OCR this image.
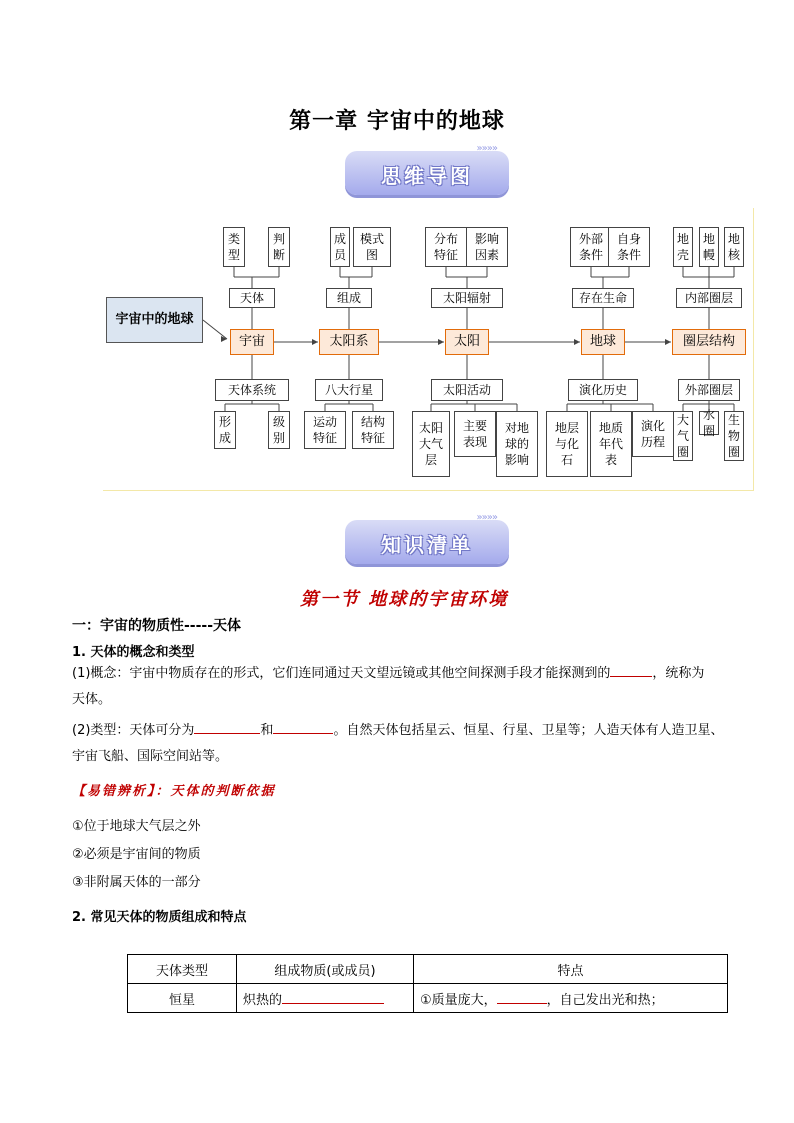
第一章 宇宙中的地球
»»»»
思维导图
宇宙中的地球
宇宙
天体
类
型
判
断
天体系统
形
成
级
别
太阳系
组成
成
员
模式
图
八大行星
运动
特征
结构
特征
太阳
太阳辐射
分布
特征
影响
因素
太阳活动
太阳
大气
层
主要
表现
对地
球的
影响
地球
存在生命
外部
条件
自身
条件
演化历史
地层
与化
石
地质
年代
表
演化
历程
圈层结构
内部圈层
地
壳
地
幔
地
核
外部圈层
大
气
圈
水
圈
生
物
圈
»»»»
知识清单
第一节 地球的宇宙环境
一：宇宙的物质性-----天体
1. 天体的概念和类型
(1)概念：宇宙中物质存在的形式，它们连同通过天文望远镜或其他空间探测手段才能探测到的	，统称为
天体。
(2)类型：天体可分为	和	。自然天体包括星云、恒星、行星、卫星等；人造天体有人造卫星、
宇宙飞船、国际空间站等。
【易错辨析】：天体的判断依据
①位于地球大气层之外
②必须是宇宙间的物质
③非附属天体的一部分
2. 常见天体的物质组成和特点
天体类型	组成物质(或成员)	特点
恒星	炽热的	①质量庞大， ，自己发出光和热；
